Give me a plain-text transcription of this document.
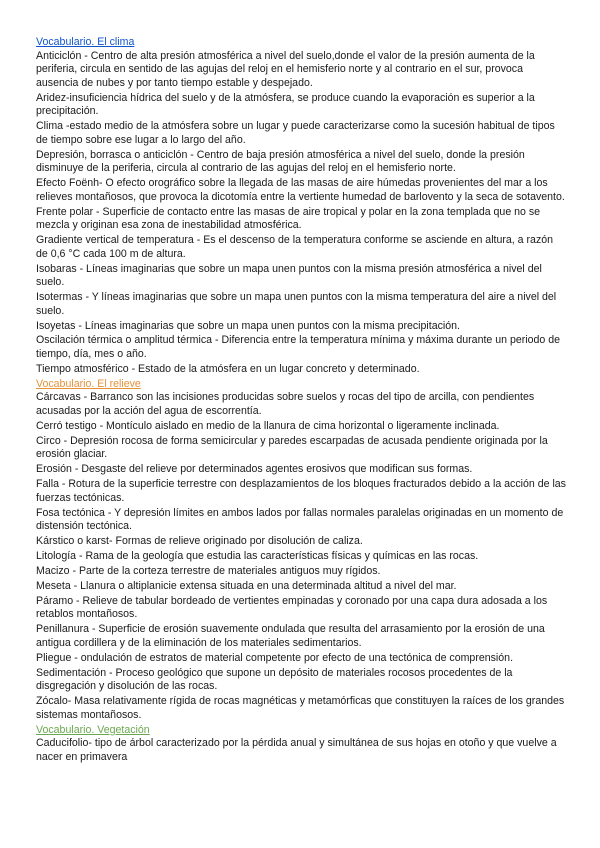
Vocabulario. El clima

Anticiclón - Centro de alta presión atmosférica a nivel del suelo,donde el valor de la presión aumenta de la periferia, circula en sentido de las agujas del reloj en el hemisferio norte y al contrario en el sur, provoca ausencia de nubes y por tanto tiempo estable y despejado.

Aridez-insuficiencia hídrica del suelo y de la atmósfera, se produce cuando la evaporación es superior a la precipitación.

Clima -estado medio de la atmósfera sobre un lugar y puede caracterizarse como la sucesión habitual de tipos de tiempo sobre ese lugar a lo largo del año.

Depresión, borrasca o anticiclón - Centro de baja presión atmosférica a nivel del suelo, donde la presión disminuye de la periferia, circula al contrario de las agujas del reloj en el hemisferio norte.

Efecto Foënh- O efecto orográfico sobre la llegada de las masas de aire húmedas provenientes del mar a los relieves montañosos, que provoca la dicotomía entre la vertiente humedad de barlovento y la seca de sotavento.

Frente polar - Superficie de contacto entre las masas de aire tropical y polar en la zona templada que no se mezcla y originan esa zona de inestabilidad atmosférica.

Gradiente vertical de temperatura - Es el descenso de la temperatura conforme se asciende en altura, a razón de 0,6 °C cada 100 m de altura.

Isobaras - Líneas imaginarias que sobre un mapa unen puntos con la misma presión atmosférica a nivel del suelo.

Isotermas - Y líneas imaginarias que sobre un mapa unen puntos con la misma temperatura del aire a nivel del suelo.

Isoyetas - Líneas imaginarias que sobre un mapa unen puntos con la misma precipitación.

Oscilación térmica o amplitud térmica - Diferencia entre la temperatura mínima y máxima durante un periodo de tiempo, día, mes o año.

Tiempo atmosférico - Estado de la atmósfera en un lugar concreto y determinado.

Vocabulario. El relieve

Cárcavas - Barranco son las incisiones producidas sobre suelos y rocas del tipo de arcilla, con pendientes acusadas por la acción del agua de escorrentía.

Cerró testigo - Montículo aislado en medio de la llanura de cima horizontal o ligeramente inclinada.

Circo - Depresión rocosa de forma semicircular y paredes escarpadas de acusada pendiente originada por la erosión glaciar.

Erosión - Desgaste del relieve por determinados agentes erosivos que modifican sus formas.

Falla - Rotura de la superficie terrestre con desplazamientos de los bloques fracturados debido a la acción de las fuerzas tectónicas.

Fosa tectónica - Y depresión límites en ambos lados por fallas normales paralelas originadas en un momento de distensión tectónica.

Kárstico o karst- Formas de relieve originado por disolución de caliza.

Litología - Rama de la geología que estudia las características físicas y químicas en las rocas.

Macizo - Parte de la corteza terrestre de materiales antiguos muy rígidos.

Meseta - Llanura o altiplanicie extensa situada en una determinada altitud a nivel del mar.

Páramo - Relieve de tabular bordeado de vertientes empinadas y coronado por una capa dura adosada a los retablos montañosos.

Penillanura - Superficie de erosión suavemente ondulada que resulta del arrasamiento por la erosión de una antigua cordillera y de la eliminación de los materiales sedimentarios.

Pliegue - ondulación de estratos de material competente por efecto de una tectónica de comprensión.

Sedimentación - Proceso geológico que supone un depósito de materiales rocosos procedentes de la disgregación y disolución de las rocas.

Zócalo- Masa relativamente rígida de rocas magnéticas y metamórficas que constituyen la raíces de los grandes sistemas montañosos.

Vocabulario. Vegetación

Caducifolio- tipo de árbol caracterizado por la pérdida anual y simultánea de sus hojas en otoño y que vuelve a nacer en primavera
